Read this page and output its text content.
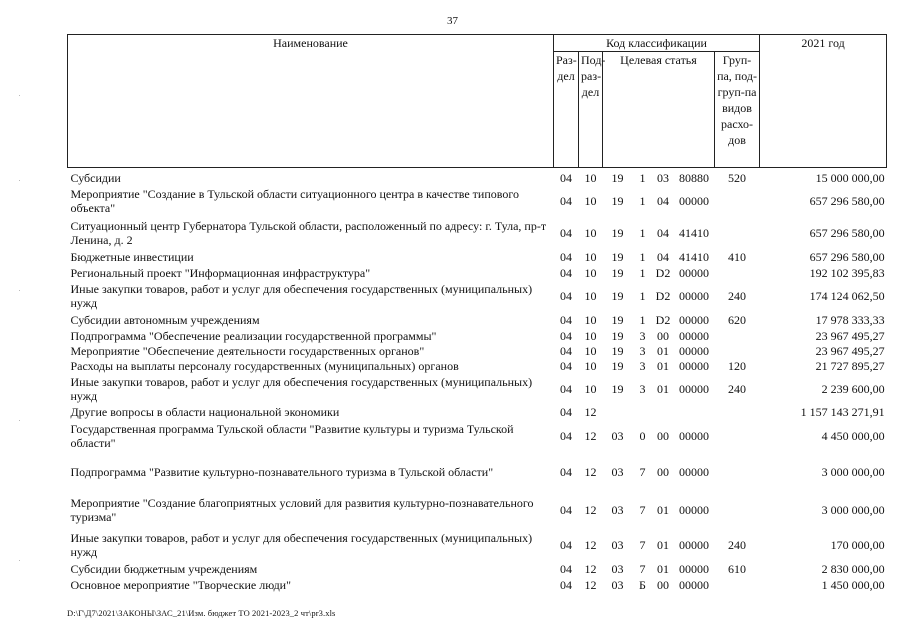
37
Наименование	Код классификации							2021 год
	Раз-дел	Под-раз-дел	Целевая статья				Груп-па, под-груп-па видов расхо-дов	
Субсидии	04	10	19	1	03	80880	520	15 000 000,00
Мероприятие "Создание в Тульской области ситуационного центра в качестве типового объекта"	04	10	19	1	04	00000		657 296 580,00
Ситуационный центр Губернатора Тульской области, расположенный по адресу: г. Тула, пр-т Ленина, д. 2	04	10	19	1	04	41410		657 296 580,00
Бюджетные инвестиции	04	10	19	1	04	41410	410	657 296 580,00
Региональный проект "Информационная инфраструктура"	04	10	19	1	D2	00000		192 102 395,83
Иные закупки товаров, работ и услуг для обеспечения государственных (муниципальных) нужд	04	10	19	1	D2	00000	240	174 124 062,50
Субсидии автономным учреждениям	04	10	19	1	D2	00000	620	17 978 333,33
Подпрограмма "Обеспечение реализации государственной программы"	04	10	19	3	00	00000		23 967 495,27
Мероприятие "Обеспечение деятельности государственных органов"	04	10	19	3	01	00000		23 967 495,27
Расходы на выплаты персоналу государственных (муниципальных) органов	04	10	19	3	01	00000	120	21 727 895,27
Иные закупки товаров, работ и услуг для обеспечения государственных (муниципальных) нужд	04	10	19	3	01	00000	240	2 239 600,00
Другие вопросы в области национальной экономики	04	12						1 157 143 271,91
Государственная программа Тульской области "Развитие культуры и туризма Тульской области"	04	12	03	0	00	00000		4 450 000,00
Подпрограмма "Развитие культурно-познавательного туризма в Тульской области"	04	12	03	7	00	00000		3 000 000,00
Мероприятие "Создание благоприятных условий для развития культурно-познавательного туризма"	04	12	03	7	01	00000		3 000 000,00
Иные закупки товаров, работ и услуг для обеспечения государственных (муниципальных) нужд	04	12	03	7	01	00000	240	170 000,00
Субсидии бюджетным учреждениям	04	12	03	7	01	00000	610	2 830 000,00
Основное мероприятие "Творческие люди"	04	12	03	Б	00	00000		1 450 000,00
D:\Г\Д7\2021\ЗАКОНЫ\ЗАС_21\Изм. бюджет ТО 2021-2023_2 чт\pr3.xls
